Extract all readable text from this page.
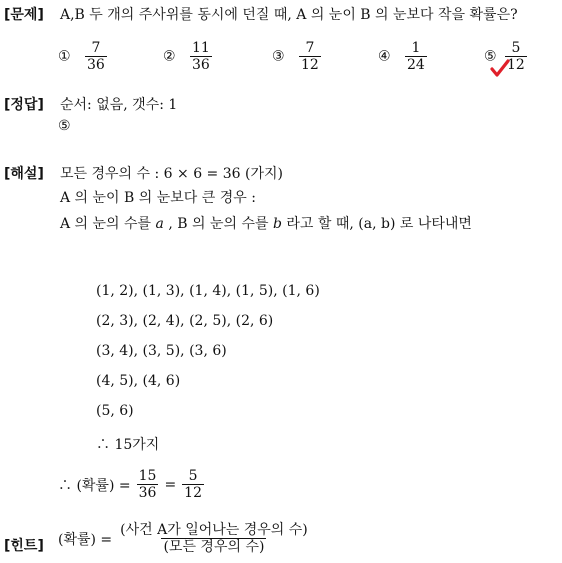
[문제] A,B 두 개의 주사위를 동시에 던질 때, A 의 눈이 B 의 눈보다 작을 확률은?
① $\frac{7}{36}$	② $\frac{11}{36}$	③ $\frac{7}{12}$	④ $\frac{1}{24}$	⑤ $\frac{5}{12}$
[정답] 순서: 없음, 갯수: 1
⑤
[해설] 모든 경우의 수 : 6 × 6 = 36 (가지)
A 의 눈이 B 의 눈보다 큰 경우 :
A 의 눈의 수를 a , B 의 눈의 수를 b 라고 할 때, (a, b) 로 나타내면
(1, 2), (1, 3), (1, 4), (1, 5), (1, 6)
(2, 3), (2, 4), (2, 5), (2, 6)
(3, 4), (3, 5), (3, 6)
(4, 5), (4, 6)
(5, 6)
∴ 15가지
∴ (확률) = $\frac{15}{36} = \frac{5}{12}$
[힌트] (확률) = $\frac{\text{(사건 A가 일어나는 경우의 수)}}{\text{(모든 경우의 수)}}$
